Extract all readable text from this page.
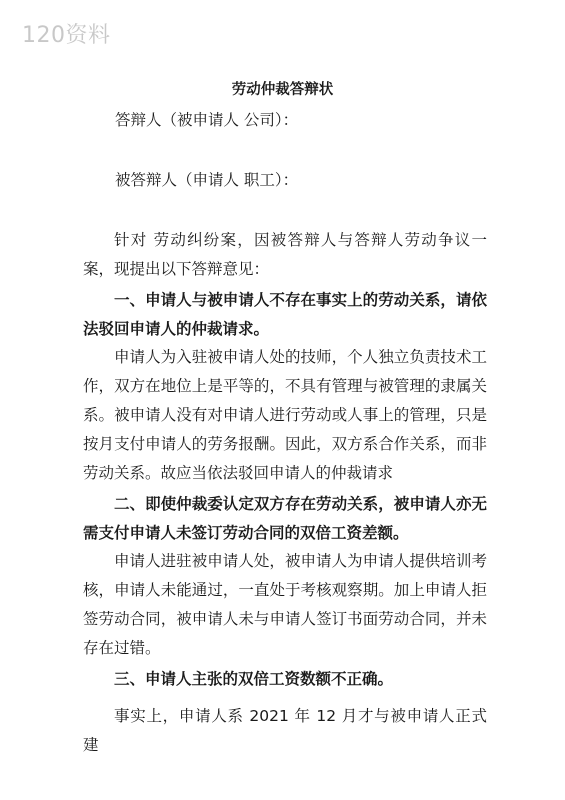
120资料
劳动仲裁答辩状
答辩人（被申请人 公司）：
被答辩人（申请人 职工）：
针对 劳动纠纷案，因被答辩人与答辩人劳动争议一案，现提出以下答辩意见：
一、申请人与被申请人不存在事实上的劳动关系，请依法驳回申请人的仲裁请求。
申请人为入驻被申请人处的技师，个人独立负责技术工作，双方在地位上是平等的，不具有管理与被管理的隶属关系。被申请人没有对申请人进行劳动或人事上的管理，只是按月支付申请人的劳务报酬。因此，双方系合作关系，而非劳动关系。故应当依法驳回申请人的仲裁请求
二、即使仲裁委认定双方存在劳动关系，被申请人亦无需支付申请人未签订劳动合同的双倍工资差额。
申请人进驻被申请人处，被申请人为申请人提供培训考核，申请人未能通过，一直处于考核观察期。加上申请人拒签劳动合同，被申请人未与申请人签订书面劳动合同，并未存在过错。
三、申请人主张的双倍工资数额不正确。
事实上，申请人系 2021 年 12 月才与被申请人正式建
